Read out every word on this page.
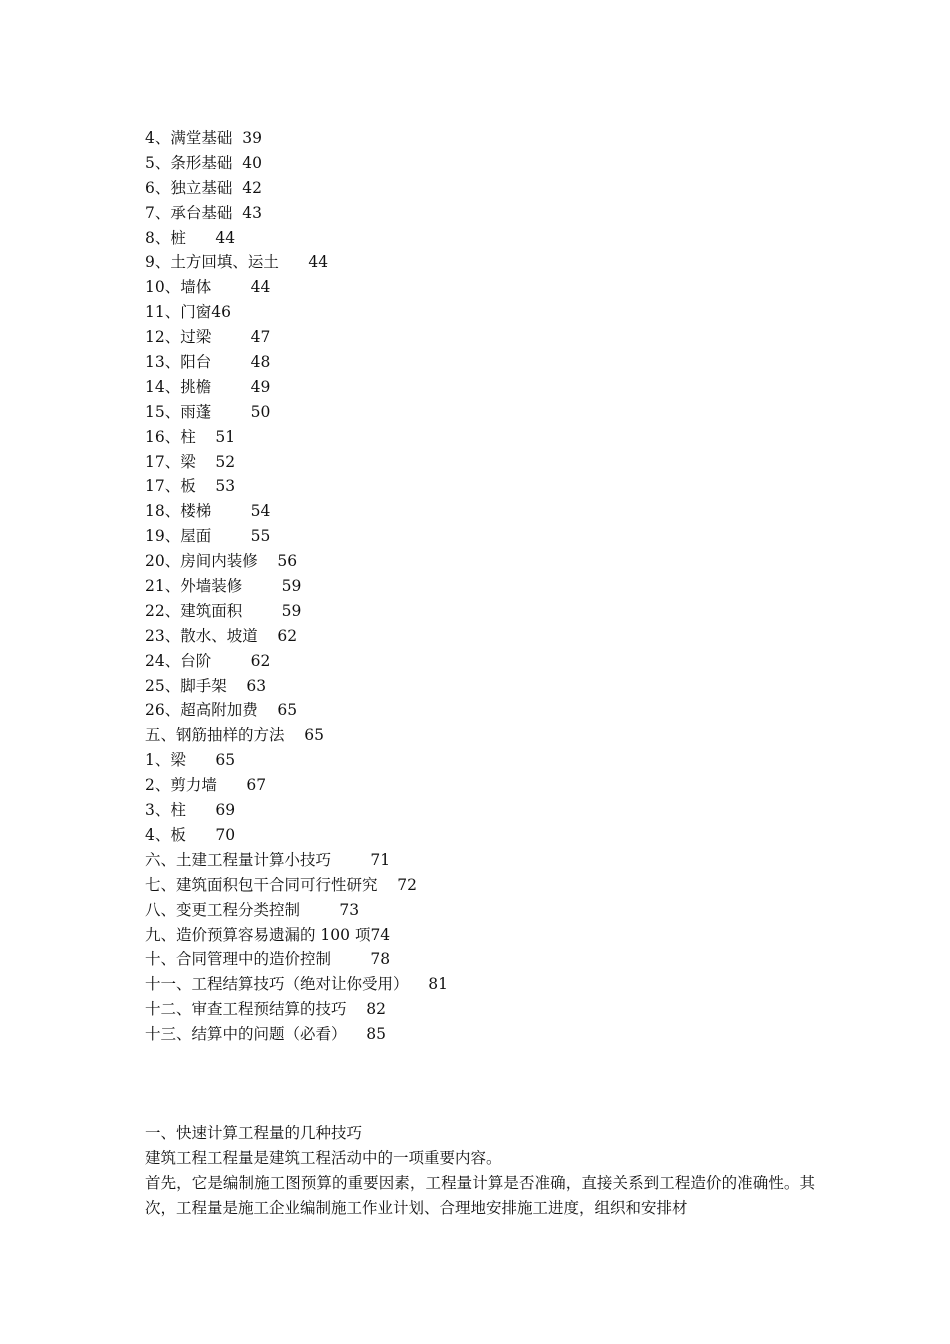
4、满堂基础  39
5、条形基础  40
6、独立基础  42
7、承台基础  43
8、桩      44
9、土方回填、运土      44
10、墙体        44
11、门窗46
12、过梁        47
13、阳台        48
14、挑檐        49
15、雨蓬        50
16、柱    51
17、梁    52
17、板    53
18、楼梯        54
19、屋面        55
20、房间内装修    56
21、外墙装修        59
22、建筑面积        59
23、散水、坡道    62
24、台阶        62
25、脚手架    63
26、超高附加费    65
五、钢筋抽样的方法    65
1、梁      65
2、剪力墙      67
3、柱      69
4、板      70
六、土建工程量计算小技巧        71
七、建筑面积包干合同可行性研究    72
八、变更工程分类控制        73
九、造价预算容易遗漏的 100 项74
十、合同管理中的造价控制        78
十一、工程结算技巧（绝对让你受用）    81
十二、审查工程预结算的技巧    82
十三、结算中的问题（必看）    85

一、快速计算工程量的几种技巧

建筑工程工程量是建筑工程活动中的一项重要内容。

首先，它是编制施工图预算的重要因素，工程量计算是否准确，直接关系到工程造价的准确性。其次，工程量是施工企业编制施工作业计划、合理地安排施工进度，组织和安排材
